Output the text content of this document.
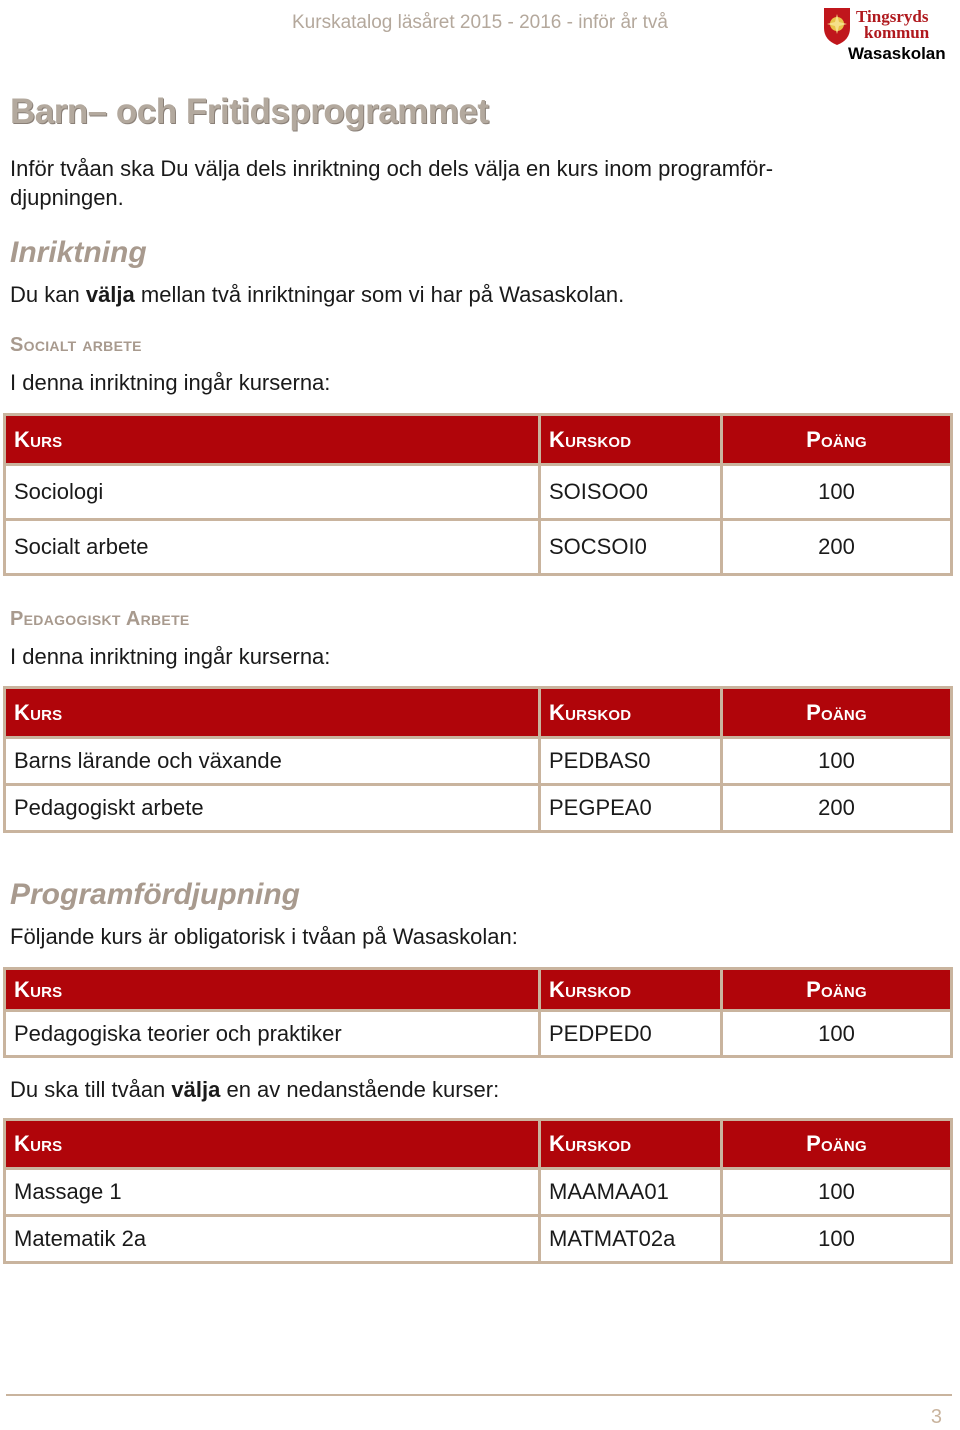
Kurskatalog läsåret 2015 - 2016 - inför år två	Tingsryds
kommun
Wasaskolan
Barn– och Fritidsprogrammet

Inför tvåan ska Du välja dels inriktning och dels välja en kurs inom programför-
djupningen.

Inriktning

Du kan välja mellan två inriktningar som vi har på Wasaskolan.

Socialt arbete

I denna inriktning ingår kurserna:

Kurs	Kurskod	Poäng
Sociologi	SOISOO0	100
Socialt arbete	SOCSOI0	200
Pedagogiskt Arbete

I denna inriktning ingår kurserna:

Kurs	Kurskod	Poäng
Barns lärande och växande	PEDBAS0	100
Pedagogiskt arbete	PEGPEA0	200
Programfördjupning

Följande kurs är obligatorisk i tvåan på Wasaskolan:

Kurs	Kurskod	Poäng
Pedagogiska teorier och praktiker	PEDPED0	100

Du ska till tvåan välja en av nedanstående kurser:

Kurs	Kurskod	Poäng
Massage 1	MAAMAA01	100
Matematik 2a	MATMAT02a	100
3
